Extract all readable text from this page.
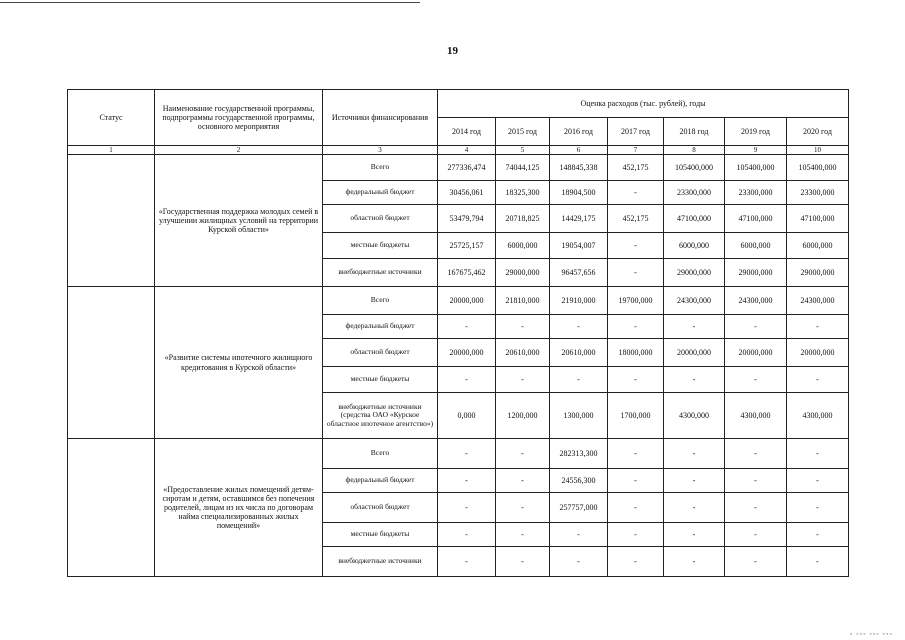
19
Статус	Наименование государственной программы, подпрограммы государственной программы, основного мероприятия	Источники финансирования	Оценка расходов (тыс. рублей), годы						
			2014 год	2015 год	2016 год	2017 год	2018 год	2019 год	2020 год
1	2	3	4	5	6	7	8	9	10
	«Государственная поддержка молодых семей в улучшении жилищных условий на территории Курской области»	Всего	277336,474	74044,125	148845,338	452,175	105400,000	105400,000	105400,000
		федеральный бюджет	30456,061	18325,300	18904,500	-	23300,000	23300,000	23300,000
		областной бюджет	53479,794	20718,825	14429,175	452,175	47100,000	47100,000	47100,000
		местные бюджеты	25725,157	6000,000	19054,007	-	6000,000	6000,000	6000,000
		внебюджетные источники	167675,462	29000,000	96457,656	-	29000,000	29000,000	29000,000
	«Развитие системы ипотечного жилищного кредитования в Курской области»	Всего	20000,000	21810,000	21910,000	19700,000	24300,000	24300,000	24300,000
		федеральный бюджет	-	-	-	-	-	-	-
		областной бюджет	20000,000	20610,000	20610,000	18000,000	20000,000	20000,000	20000,000
		местные бюджеты	-	-	-	-	-	-	-
		внебюджетные источники (средства ОАО «Курское областное ипотечное агентство»)	0,000	1200,000	1300,000	1700,000	4300,000	4300,000	4300,000
	«Предоставление жилых помещений детям-сиротам и детям, оставшимся без попечения родителей, лицам из их числа по договорам найма специализированных жилых помещений»	Всего	-	-	282313,300	-	-	-	-
		федеральный бюджет	-	-	24556,300	-	-	-	-
		областной бюджет	-	-	257757,000	-	-	-	-
		местные бюджеты	-	-	-	-	-	-	-
		внебюджетные источники	-	-	-	-	-	-	-
▪ ▪▪▪ ▪▪▪ ▪▪▪
